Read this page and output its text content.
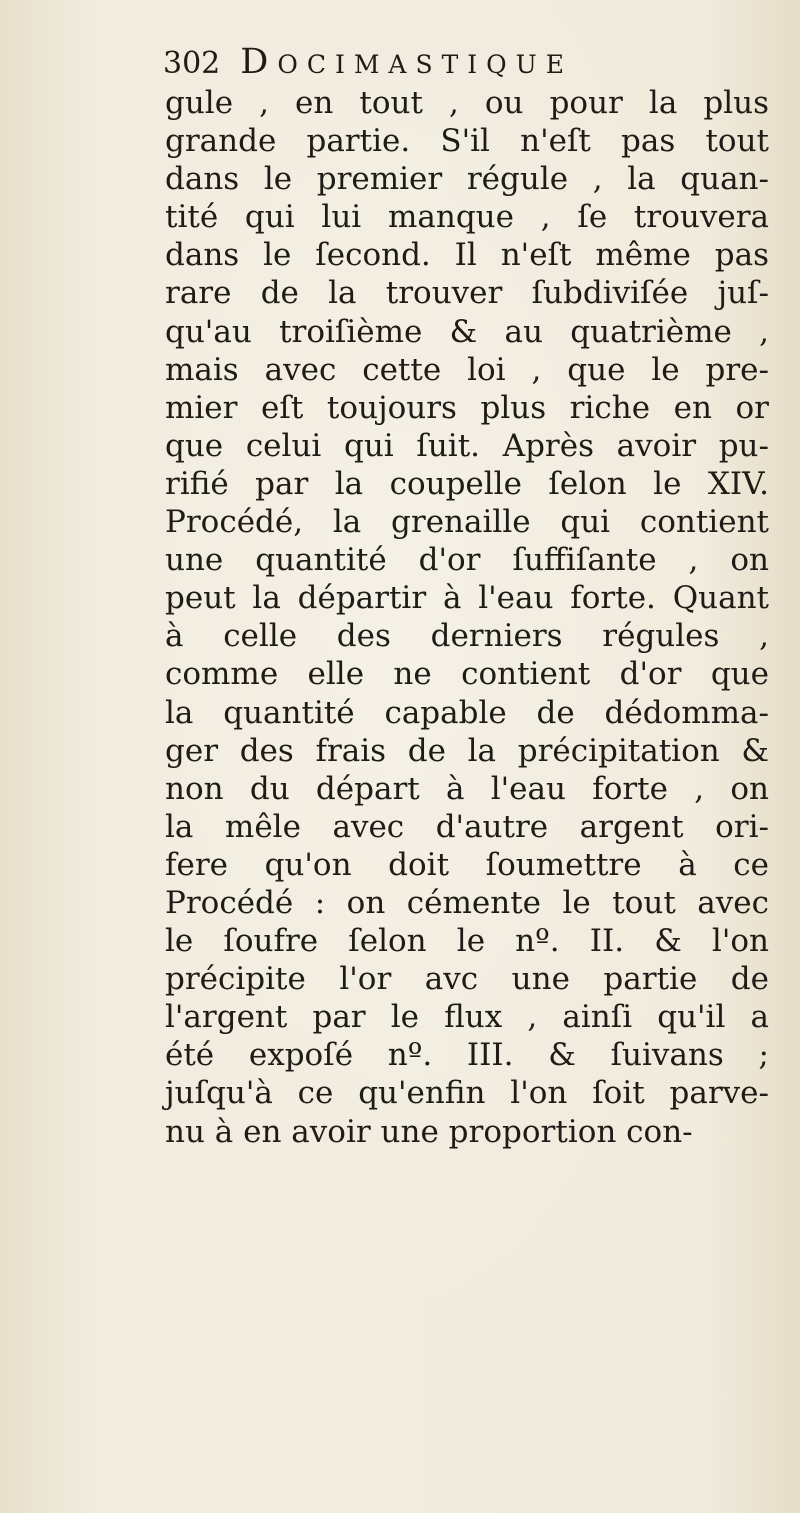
302 Docimastique
gule , en tout , ou pour la plus
grande partie. S'il n'eſt pas tout
dans le premier régule , la quan-
tité qui lui manque , ſe trouvera
dans le ſecond. Il n'eſt même pas
rare de la trouver ſubdiviſée juſ-
qu'au troiſième & au quatrième ,
mais avec cette loi , que le pre-
mier eſt toujours plus riche en or
que celui qui ſuit. Après avoir pu-
rifié par la coupelle ſelon le XIV.
Procédé, la grenaille qui contient
une quantité d'or ſuffiſante , on
peut la départir à l'eau forte. Quant
à celle des derniers régules ,
comme elle ne contient d'or que
la quantité capable de dédomma-
ger des frais de la précipitation &
non du départ à l'eau forte , on
la mêle avec d'autre argent ori-
fere qu'on doit ſoumettre à ce
Procédé : on cémente le tout avec
le ſoufre ſelon le nº. II. & l'on
précipite l'or avc une partie de
l'argent par le flux , ainſi qu'il a
été expoſé nº. III. & ſuivans ;
juſqu'à ce qu'enfin l'on ſoit parve-
nu à en avoir une proportion con-
